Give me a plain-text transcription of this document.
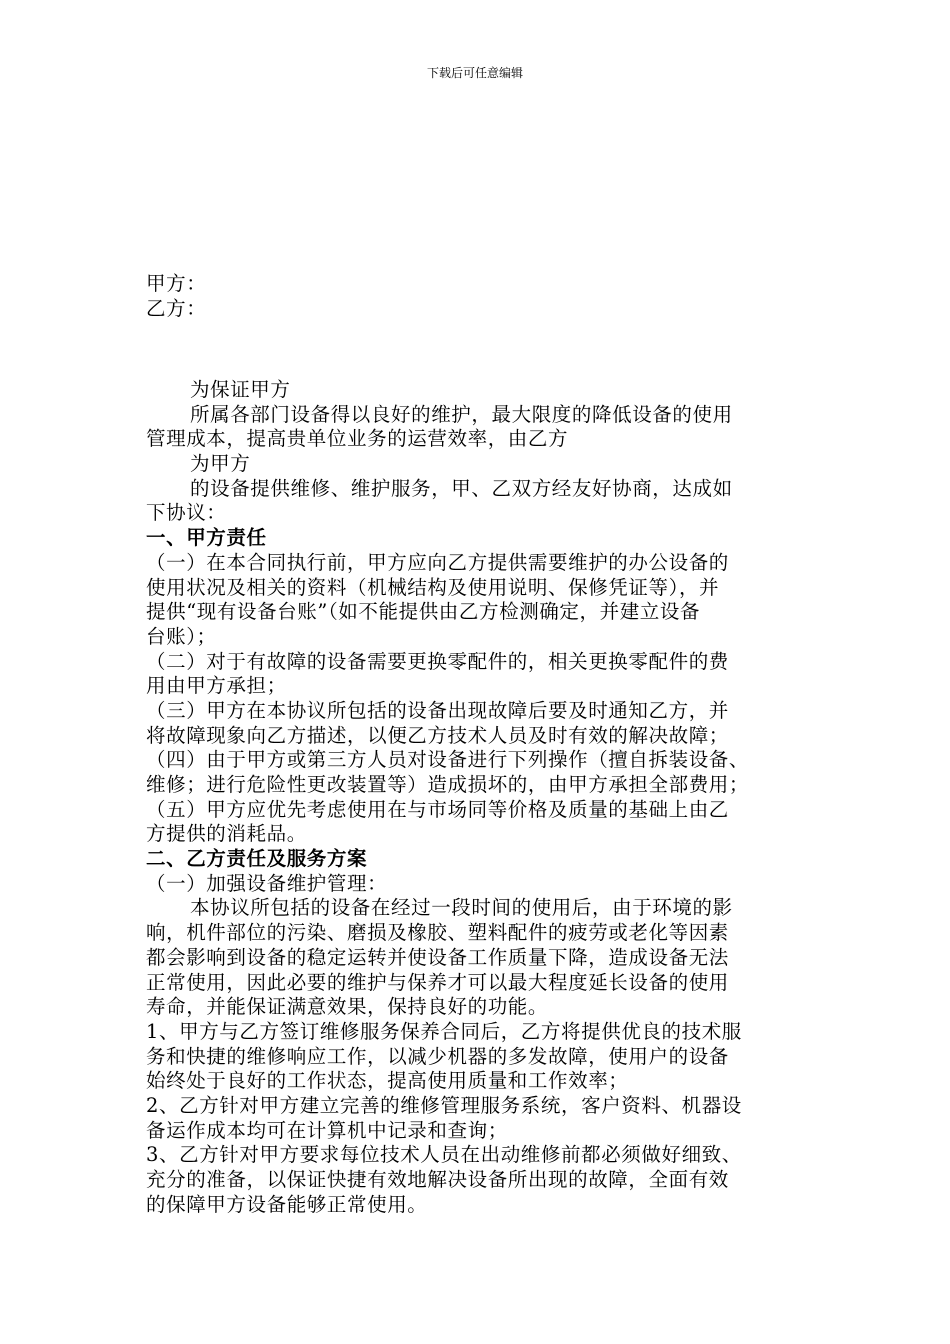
下载后可任意编辑
甲方：
乙方：
为保证甲方
所属各部门设备得以良好的维护，最大限度的降低设备的使用
管理成本，提高贵单位业务的运营效率，由乙方
为甲方
的设备提供维修、维护服务，甲、乙双方经友好协商，达成如
下协议：
一、甲方责任
（一）在本合同执行前，甲方应向乙方提供需要维护的办公设备的
使用状况及相关的资料（机械结构及使用说明、保修凭证等），并
提供“现有设备台账”（如不能提供由乙方检测确定，并建立设备
台账）；
（二）对于有故障的设备需要更换零配件的，相关更换零配件的费
用由甲方承担；
（三）甲方在本协议所包括的设备出现故障后要及时通知乙方，并
将故障现象向乙方描述，以便乙方技术人员及时有效的解决故障；
（四）由于甲方或第三方人员对设备进行下列操作（擅自拆装设备、
维修；进行危险性更改装置等）造成损坏的，由甲方承担全部费用；
（五）甲方应优先考虑使用在与市场同等价格及质量的基础上由乙
方提供的消耗品。
二、乙方责任及服务方案
（一）加强设备维护管理：
本协议所包括的设备在经过一段时间的使用后，由于环境的影
响，机件部位的污染、磨损及橡胶、塑料配件的疲劳或老化等因素
都会影响到设备的稳定运转并使设备工作质量下降，造成设备无法
正常使用，因此必要的维护与保养才可以最大程度延长设备的使用
寿命，并能保证满意效果，保持良好的功能。
1、甲方与乙方签订维修服务保养合同后，乙方将提供优良的技术服
务和快捷的维修响应工作，以减少机器的多发故障，使用户的设备
始终处于良好的工作状态，提高使用质量和工作效率；
2、乙方针对甲方建立完善的维修管理服务系统，客户资料、机器设
备运作成本均可在计算机中记录和查询；
3、乙方针对甲方要求每位技术人员在出动维修前都必须做好细致、
充分的准备，以保证快捷有效地解决设备所出现的故障，全面有效
的保障甲方设备能够正常使用。
